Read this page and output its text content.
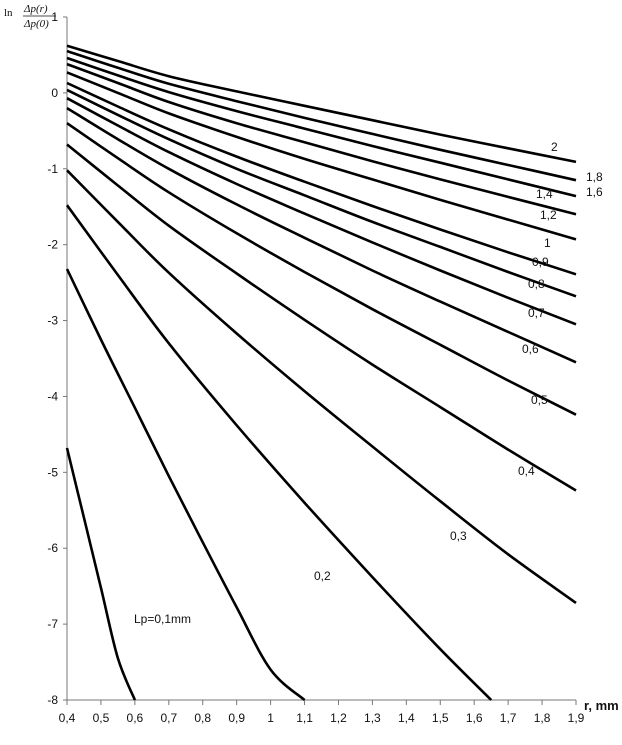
1
0
-1
-2
-3
-4
-5
-6
-7
-8
0,4 0,5 0,6 0,7 0,8 0,9 1 1,1 1,2 1,3 1,4 1,5 1,6 1,7 1,8 1,9
2
1,8
1,6
1,4
1,2
1
0,9
0,8
0,7
0,6
0,5
0,4
0,3
0,2
Lp=0,1mm
ln Δp(r)
Δp(0)
r, mm
